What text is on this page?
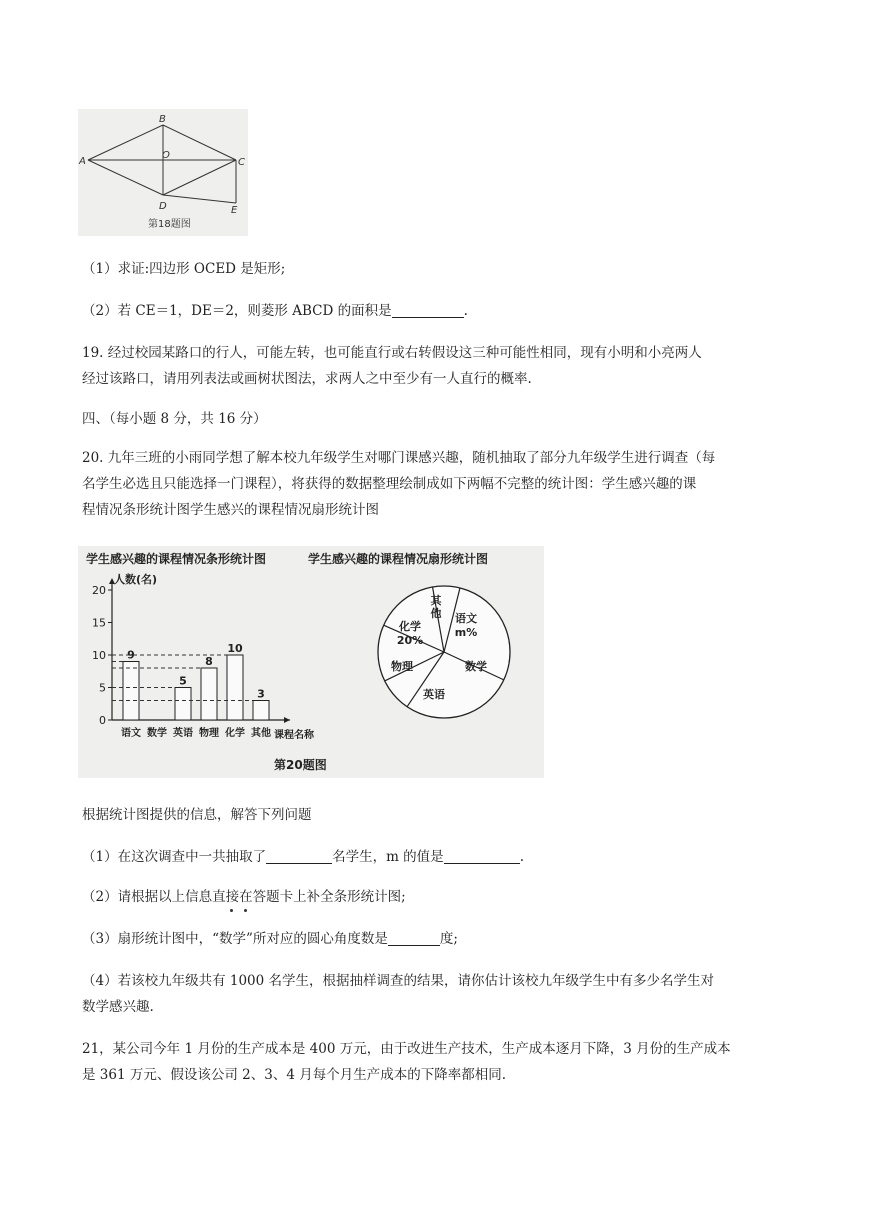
A
B
C
D	E
O
第18题图

（1）求证:四边形 OCED 是矩形;

（2）若 CE＝1，DE＝2，则菱形 ABCD 的面积是	.

19. 经过校园某路口的行人，可能左转，也可能直行或右转假设这三种可能性相同，现有小明和小亮两人

经过该路口，请用列表法或画树状图法，求两人之中至少有一人直行的概率.

四、（每小题 8 分，共 16 分）

20. 九年三班的小雨同学想了解本校九年级学生对哪门课感兴趣，随机抽取了部分九年级学生进行调查（每

名学生必选且只能选择一门课程），将获得的数据整理绘制成如下两幅不完整的统计图：学生感兴趣的课

程情况条形统计图学生感兴的课程情况扇形统计图

学生感兴趣的课程情况条形统计图
人数(名)
0
5
10
15
20
语文
9
数学 英语
5
物理
8
化学
10
其他
3
课程名称
学生感兴趣的课程情况扇形统计图
其
他 语文
m%
数学
英语
物理
化学
20%
第20题图

根据统计图提供的信息，解答下列问题

（1）在这次调查中一共抽取了	名学生，m 的值是	.

（2）请根据以上信息直接在答题卡上补全条形统计图;

（3）扇形统计图中，“数学”所对应的圆心角度数是	度;

（4）若该校九年级共有 1000 名学生，根据抽样调查的结果，请你估计该校九年级学生中有多少名学生对

数学感兴趣.

21，某公司今年 1 月份的生产成本是 400 万元，由于改进生产技术，生产成本逐月下降，3 月份的生产成本

是 361 万元、假设该公司 2、3、4 月每个月生产成本的下降率都相同.
